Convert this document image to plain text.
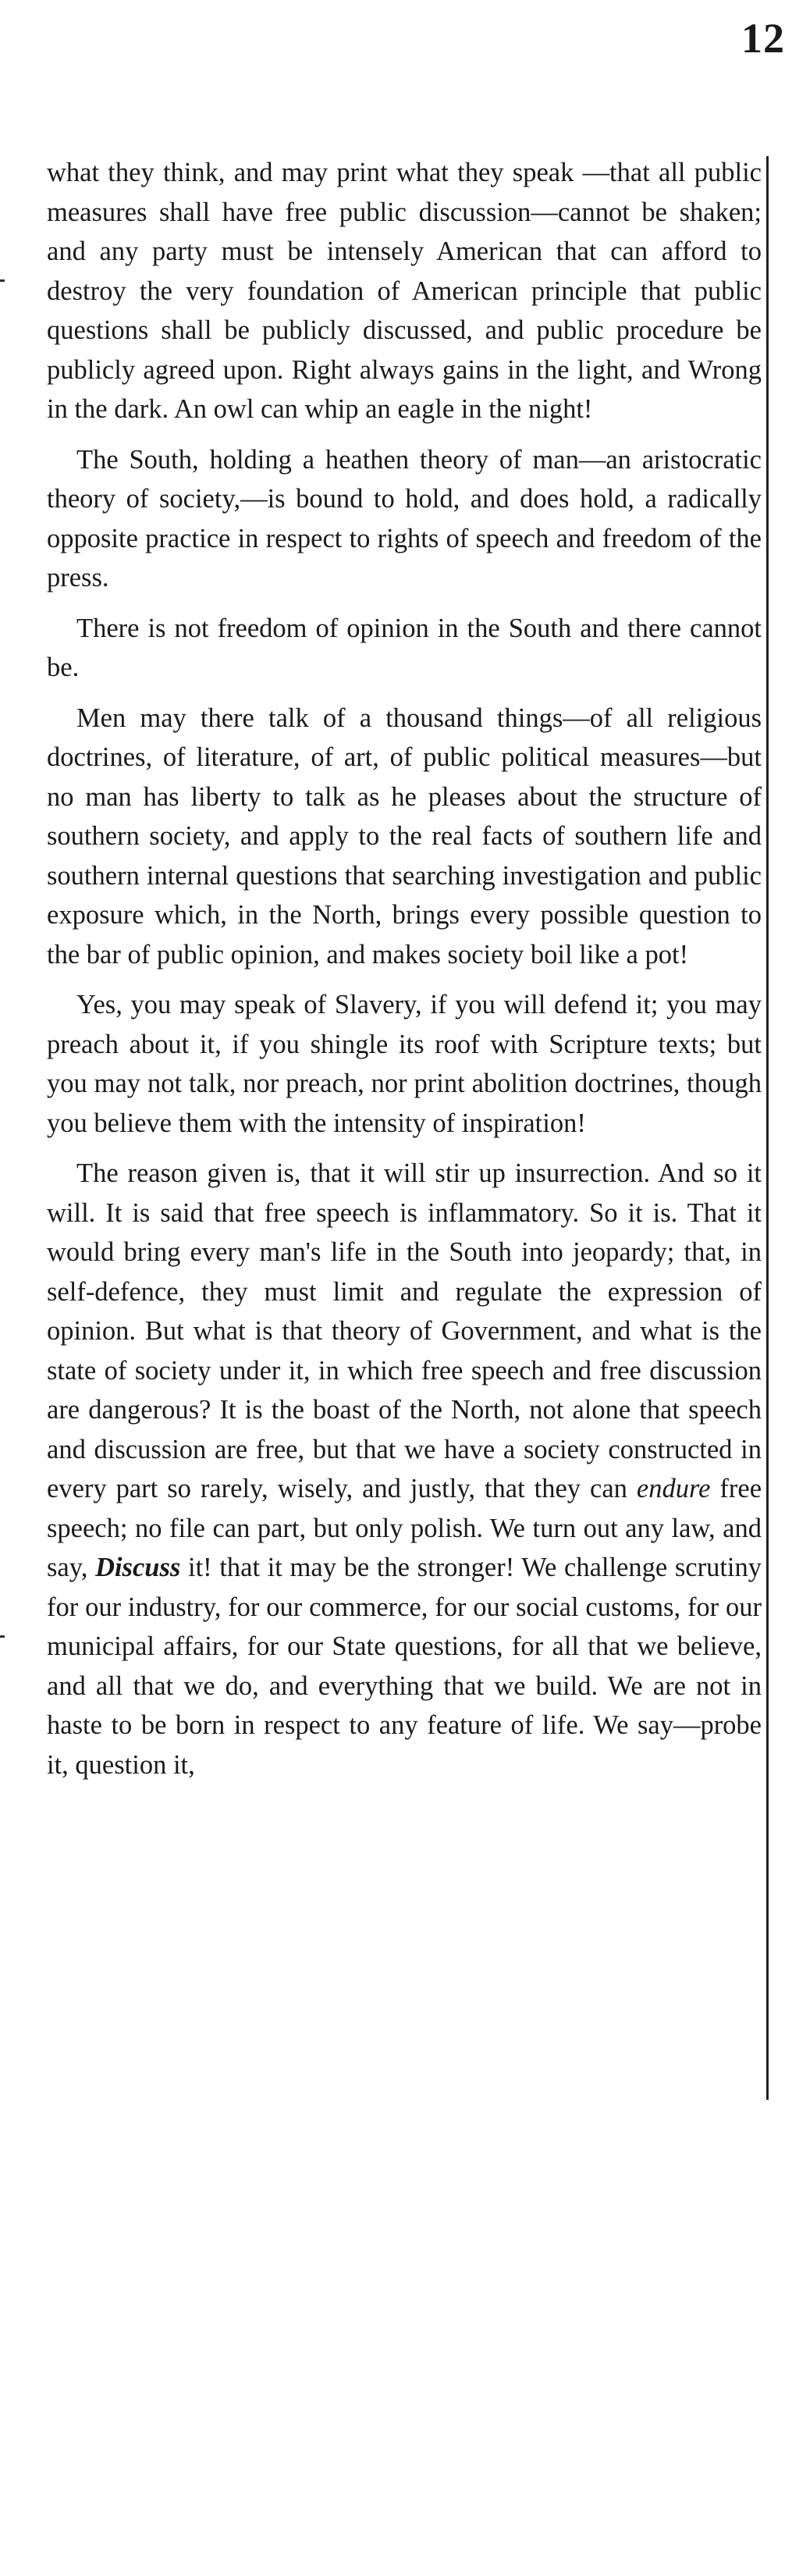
12

what they think, and may print what they speak —that all public measures shall have free public discussion—cannot be shaken; and any party must be intensely American that can afford to destroy the very foundation of American principle that public questions shall be publicly discussed, and public procedure be publicly agreed upon. Right always gains in the light, and Wrong in the dark. An owl can whip an eagle in the night!

The South, holding a heathen theory of man—an aristocratic theory of society,—is bound to hold, and does hold, a radically opposite practice in respect to rights of speech and freedom of the press.

There is not freedom of opinion in the South and there cannot be.

Men may there talk of a thousand things—of all religious doctrines, of literature, of art, of public political measures—but no man has liberty to talk as he pleases about the structure of southern society, and apply to the real facts of southern life and southern internal questions that searching investigation and public exposure which, in the North, brings every possible question to the bar of public opinion, and makes society boil like a pot!

Yes, you may speak of Slavery, if you will defend it; you may preach about it, if you shingle its roof with Scripture texts; but you may not talk, nor preach, nor print abolition doctrines, though you believe them with the intensity of inspiration!

The reason given is, that it will stir up insurrection. And so it will. It is said that free speech is inflammatory. So it is. That it would bring every man's life in the South into jeopardy; that, in self-defence, they must limit and regulate the expression of opinion. But what is that theory of Government, and what is the state of society under it, in which free speech and free discussion are dangerous? It is the boast of the North, not alone that speech and discussion are free, but that we have a society constructed in every part so rarely, wisely, and justly, that they can endure free speech; no file can part, but only polish. We turn out any law, and say, Discuss it! that it may be the stronger! We challenge scrutiny for our industry, for our commerce, for our social customs, for our municipal affairs, for our State questions, for all that we believe, and all that we do, and everything that we build. We are not in haste to be born in respect to any feature of life. We say—probe it, question it,
